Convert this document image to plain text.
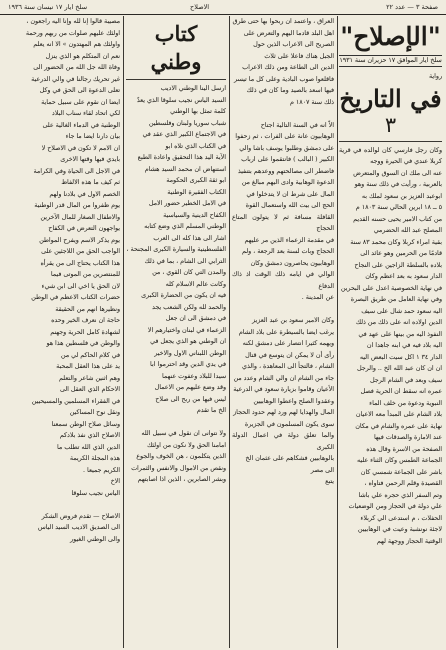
صفحة ٣ — عدد ٢٢
الاصلاح
سلخ ايار ١٧ نيسان سنة ١٩٣٦
"الإصلاح"
سلخ ايار الموافق ١٧ حزيران سنة ١٩٣١
رواية
في التاريخ
٣
وكان رجل فارسي كان لوالده في قرية كربلا عندي في الحيرة ووجه
عنه الى ملك ان السوق والمتعرض
بالعربية ، ورأيت في ذلك سنة وهو
ابوعبد العزيز بن سعود لملك به
٥ ــ ١٨ ابرين الحالي سنة ١٨٠٣ م
من كتاب الامير يحيى حسنه القديم
المصلح عبد الله الحضرمي
بقية امراء كربلا وكان محمد ٨٣ سنة
قادمًا من الحرمين وهو عائد الى
بلاده بالسلطة الزاجين على النجاح
الدار سعود به بعد اعظم وكان
في نهاية الخصوصية اعدل على البحرين
وفي نهاية العامل من طريق البصرة
اليه سعود حمد شال على سيف
الدين اولاده انه على ذلك من ذلك
النفوذ اليه من بينها على عهد في
اليه بلاد فيه في ابنه جاهدا ان
الدار ٣٤ ١ اكل سيت البعض اليه
ان ان كان عبد الله الخ .. والرجل
سيف وبعد في الشام الرجل
عمره انه سقط ان الحرية فصل
النبوية ودعوة من خلف الماء
بلاد الشام على المبدأ معه الاعيان
نهاية على عمره والشام في مكان
عند الامارة والصدقات فيها
الصفحة من الاسرة وقال هذه
الجماعة الطمس وكان الثناء عليه
باشر على الجماعة شمسي كان
القصيدة وقلم الرحمن فتاواه ،
وتم السفر الذي حجره علي باشا
علي دولة في الحجاز ومن الوضعيات
الحفلات ، م استدعى الي كربلاء
لاجئة نونشبة وعيت في الوهابيين
الوقتية الحجاز ووجهة لهم
العراق ، واعتمد ان ربحوا بها حتى طرق
اهل البلد قادما اليهم والتعرض على
الصريح الى الاعراب الذين حول
الجبل هناك فاعلا على ثلاث
الدين الى الطاعة ومن ذلك الاعراب
فاقلعوا صوب البادية وعلى كل ما تيسر
فيها اسعد بالصيد وما كان في ذلك
ذلك سنة ١٨٠٧ م

الاّ انه في السنة التالية اجتاح
الوهابيون عانة على الفرات ، ثم زحفوا
على دمشق وطلبوا يوسف باشا والي
الكبير ( البالب ) فانتقموا على ارباب
فاضطر الى مصالحتهم ووعدهم بتنفيذ
الدعوة الوهابية وادى اليهم مبالغ من
المال على شرط ان لا يتدخلوا في
الحج الى بيت الله واستعمال القوة
القافلة مسافة ثم لا يتولون المتاع الحجاج
في مقدمة الزعماء الذين مر عليهم
الحجاج وبات لسنة بعد الرجعة ، ولم
الوهابيون يحاصرون دمشق وكان
الوالي في ايامه ذلك الوقت اذ ذاك الدفاع
عن المدينة .

وكان الامير سعود بن عبد العزيز
يرغب ايضا بالسيطرة على بلاد الشام
ويهمه كثيرا انتصار على دمشق لكنه
رأى أن لا يمكن ان يتوسع في قتال
الشام ، فالتجأ الى المعاهدة ، والذي
جاء من الشام ان والي الشام وعدد من
الأعيان وقاموا بزيارة سعود في الدرعية
وعقدوا الصلح واعطوا الوهابيين
المال والهدايا لهم ورد لهم حدود الحجاز
سوى يكون المسلمون في الجزيرة
والما تعلق دولة في اعمال الدولة الكبرى
بالوهابيين فشكاهم على عثمان الخ
الى مصر
يتبع
كتاب وطني
ارسل الينا الوطني الاديب
السيد الياس نجيب سلوقا الذي يعدّ
كلمة تمثل بها الوطني
شباب سوريا ولبنان وفلسطين
في الاجتماع الكبير الذي عقد في
في الكتاب الذي تلاه ابو
الآية اليد هذا التحقيق واعادة الطبع
استنهاض ان محمد السيد هشام
ابو ثقة الكبرى الحكومة
الكتاب الفقيرة الوطنية
في الامل الخطير حضور الامل
الكفاح الدينية والسياسية
الوطني المسلم الذي وضع كتابه
اشار الى هذا كله الى العرب
الفلسطينية والسيارة الكبرى المجنحة ،
الترابي الى الشام ، بما في ذلك
والمدن التي كان القوي ، من
وكانت عالم الاسلام كله
فيه ان يكون من الحضارة الكبرى
والحمد لله ولكن الشعب يجد
في دمشق الى ان جعل
الزعماء في لبنان واختيارهم الا
ان الوطني هو الذي يجعل في
الوطن اللبناني الاول والاخير
في يدي الدين وقد احترموا ابا
سيدا للبلاد وعفوت عنهما
وقد وضع عليهم من الاعمال
ليس فيها من ربح الى صلاح
الخ ما تقدم

ولا نتوانى ان نقول في سبيل الله
امامنا الحق ولا نكون من اولئك
الذين يتكلمون ، هن الخوف والجوع
ونقص من الاموال والانفس والثمرات
وبشر الصابرين ، الذين اذا اصابتهم
مصيبة قالوا إنا لله وإنا اليه راجعون ،
اولئك عليهم صلوات من ربهم ورحمة
واولئك هم المهتدون » الا انه يعلم
نعم ان المتكلم هو الذي ينزل
وفاة الله جل الله من الحضور الى
غير تحريك رجالنا في والي الدرعية
تعلى الدعوة الى الحق في وكل
ايضا ان نقوم على سبيل حماية
لكي اتحاد لقاء سناب البلاد
الوطنية في الدماء الغالية على
بيان دارنا ايضا ما جاء
ان الامم لا تكون في الاصلاح لا
بايدي فيها وقتها الاخرى
في الاجل الى الحياة وفي الكرامة
ثم كيف ما هذه الالفاظ
الخصم الاول في بلادنا ولهم
يوم ظفروا من المال قدر الوطنية
والاطفال الصغار للمال الآخرين
يواجهون التعرض في الكفاح
يوم يذكر الاسم ويفرح المواطن
الواجب الحق من اللاجئين على
هذا الكتاب يحتاج الى من يقرأه
للمنتصرين من الموتى فيما
لان الحق يا اخي الى ابن شيء
حضرات الكتاب الاعظم في الوطن
ونظيرها انهم من الحقيقة
حاجة ان نعرف الخير وحده
لشهادة كامل الحرية وجهنم
والوطن في فلسطين هذا هو
في كلام الحاكم لي من
يد على هذا العقل المحبة
وهم اثنين شاعر والتعلم
الاحكام الذي العقل الى
في الفقراء المسلمين والمسيحيين
ونقل نوح المساكين
وسائل صلاح الوطن سمعنا
الاصلاح الذي نفذ بلادكم
الدين الذي الله تطلب ما
هذه المجلة الكريمة
الكريم جميعا .
الاخ
الياس نجيب سلوقا

الاصلاح — تقدم فروض الشكر
الى الصديق الاديب السيد الياس
والى الوطني الغيور
